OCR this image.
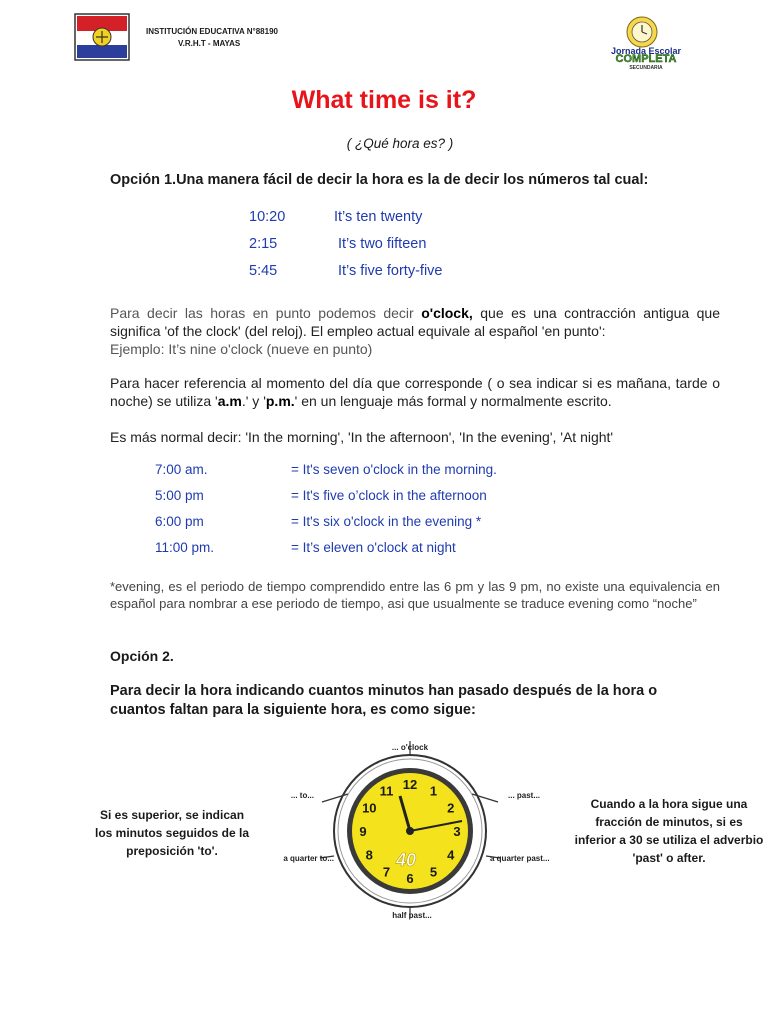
INSTITUCIÓN EDUCATIVA N°88190
V.R.H.T - MAYAS
Jornada Escolar
COMPLETA
SECUNDARIA
What time is it?
( ¿Qué hora es? )
Opción 1.Una manera fácil de decir la hora es la de decir los números tal cual:
10:20	It’s ten twenty
2:15	It’s two fifteen
5:45	It’s five forty-five
Para decir las horas en punto podemos decir o'clock, que es una contracción antigua que significa 'of the clock' (del reloj). El empleo actual equivale al español 'en punto':
Ejemplo: It’s nine o'clock (nueve en punto)
Para hacer referencia al momento del día que corresponde ( o sea indicar si es mañana, tarde o noche) se utiliza 'a.m.' y 'p.m.' en un lenguaje más formal y normalmente escrito.
Es más normal decir: 'In the morning', 'In the afternoon', 'In the evening', 'At night'
7:00 am.	= It's seven o'clock in the morning.
5:00 pm	= It's five o’clock in the afternoon
6:00 pm	= It's six o'clock in the evening *
11:00 pm.	= It’s eleven o'clock at night
*evening, es el periodo de tiempo comprendido entre las 6 pm y las 9 pm, no existe una equivalencia en español para nombrar a ese periodo de tiempo, asi que usualmente se traduce evening como “noche”
Opción 2.
Para decir la hora indicando cuantos minutos han pasado después de la hora o cuantos faltan para la siguiente hora, es como sigue:
Si es superior, se indican los minutos seguidos de la preposición 'to'.
Cuando a la hora sigue una fracción de minutos, si es inferior a 30 se utiliza el adverbio 'past' o after.
12 1
2
3
4
5
6
7
8
9
10
11
40
... o'clock
... to...	... past...
a quarter to...	a quarter past...
half past...
